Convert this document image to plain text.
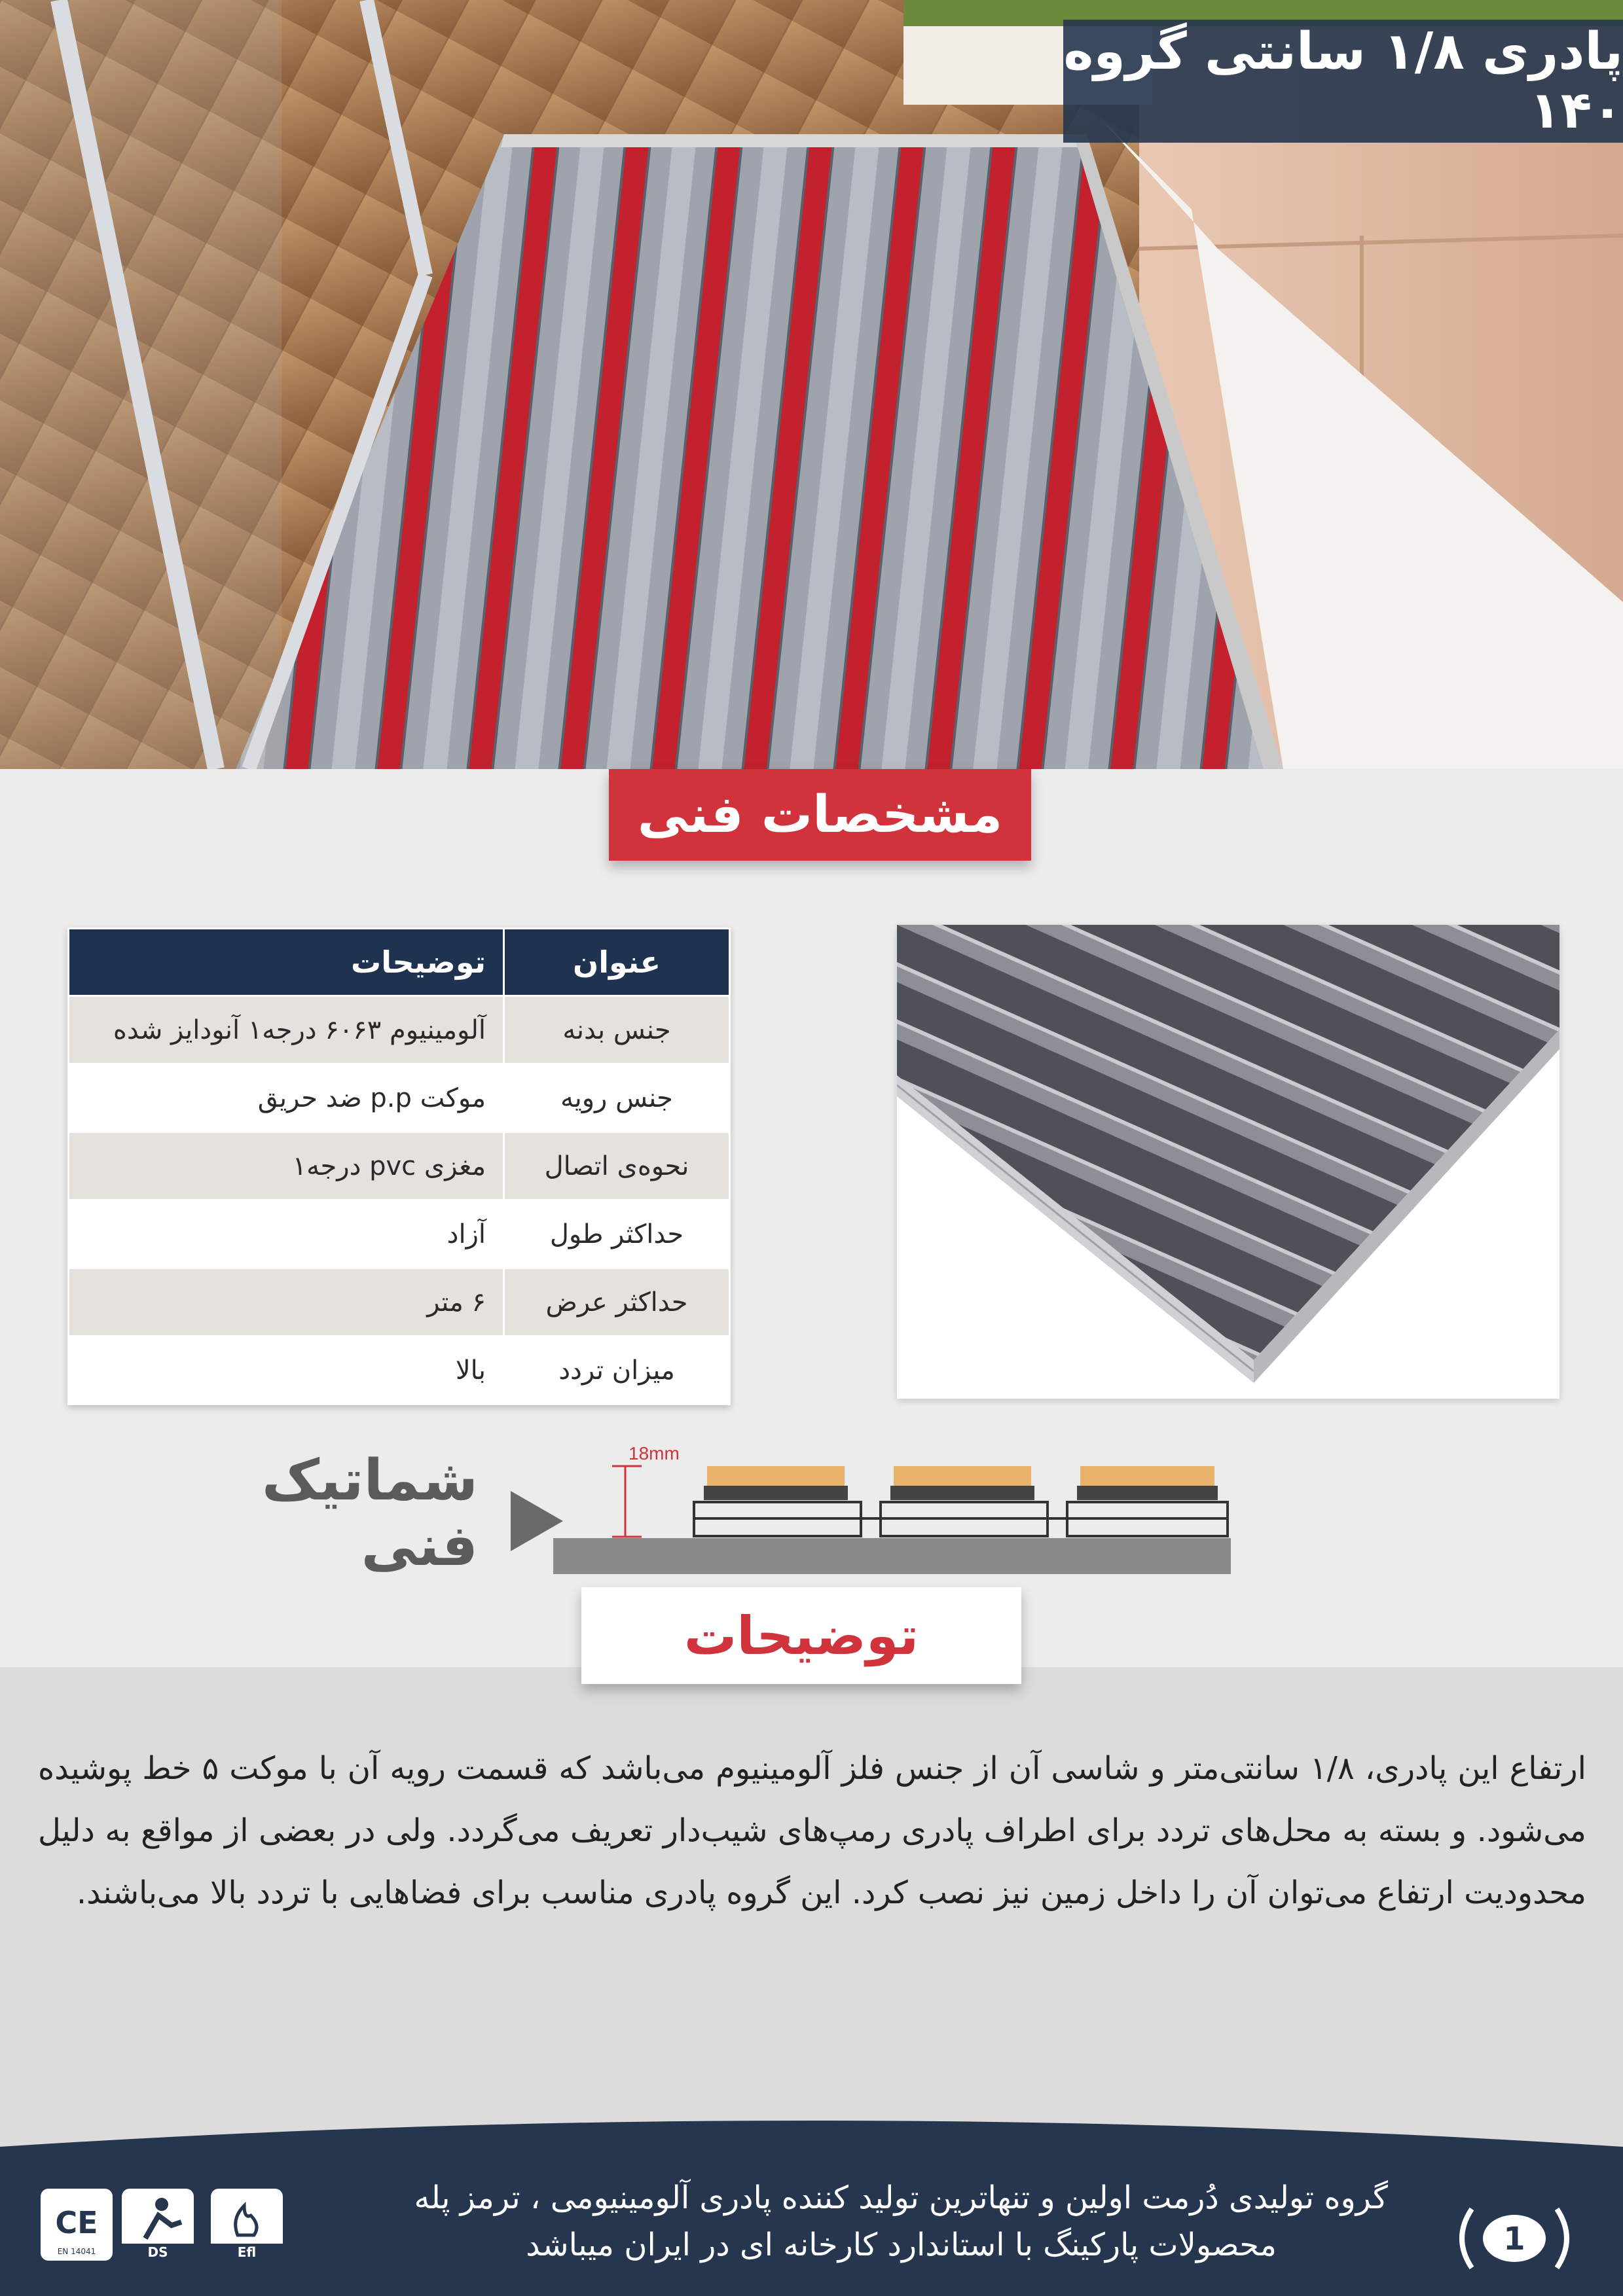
پادری ۱/۸ سانتی گروه ۱۴۰
مشخصات فنی
عنوان	توضیحات
جنس بدنه	آلومینیوم ۶۰۶۳ درجه۱ آنودایز شده
جنس رویه	موکت p.p ضد حریق
نحوه‌ی اتصال	مغزی pvc درجه۱
حداکثر طول	آزاد
حداکثر عرض	۶ متر
میزان تردد	بالا
شماتیک فنی
18mm
توضیحات
ارتفاع این پادری، ۱/۸ سانتی‌متر و شاسی آن از جنس فلز آلومینیوم می‌باشد که قسمت رویه آن با موکت ۵ خط پوشیده می‌شود. و بسته به محل‌های تردد برای اطراف پادری رمپ‌های شیب‌دار تعریف می‌گردد. ولی در بعضی از مواقع به دلیل محدودیت ارتفاع می‌توان آن را داخل زمین نیز نصب کرد. این گروه پادری مناسب برای فضاهایی با تردد بالا می‌باشند.
گروه تولیدی دُرمت اولین و تنهاترین تولید کننده پادری آلومینیومی ، ترمز پله
محصولات پارکینگ با استاندارد کارخانه ای در ایران میباشد	1
CE
EN 14041	DS	Efl
